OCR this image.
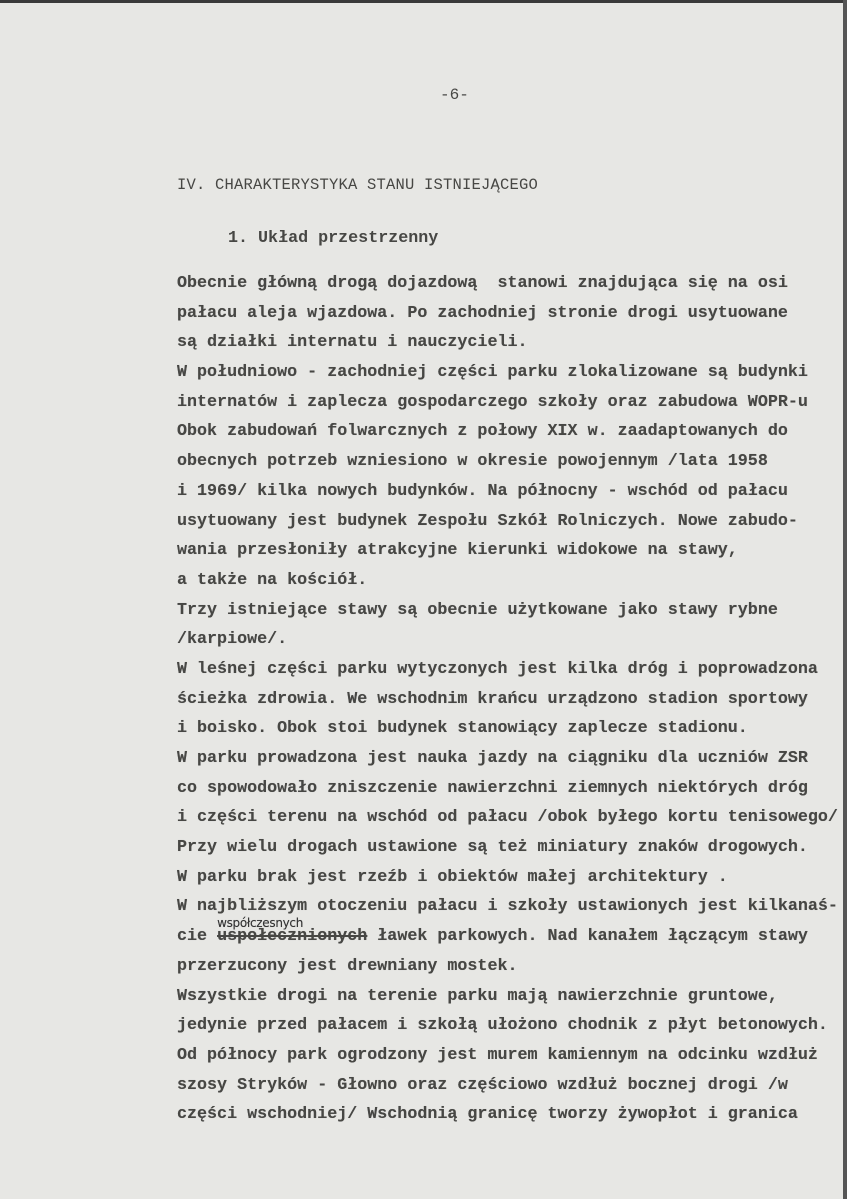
-6-
IV. CHARAKTERYSTYKA STANU ISTNIEJĄCEGO
1. Układ przestrzenny
Obecnie główną drogą dojazdową  stanowi znajdująca się na osi
pałacu aleja wjazdowa. Po zachodniej stronie drogi usytuowane
są działki internatu i nauczycieli.
W południowo - zachodniej części parku zlokalizowane są budynki
internatów i zaplecza gospodarczego szkoły oraz zabudowa WOPR-u
Obok zabudowań folwarcznych z połowy XIX w. zaadaptowanych do
obecnych potrzeb wzniesiono w okresie powojennym /lata 1958
i 1969/ kilka nowych budynków. Na północny - wschód od pałacu
usytuowany jest budynek Zespołu Szkół Rolniczych. Nowe zabudo-
wania przesłoniły atrakcyjne kierunki widokowe na stawy,
a także na kościół.
Trzy istniejące stawy są obecnie użytkowane jako stawy rybne
/karpiowe/.
W leśnej części parku wytyczonych jest kilka dróg i poprowadzona
ścieżka zdrowia. We wschodnim krańcu urządzono stadion sportowy
i boisko. Obok stoi budynek stanowiący zaplecze stadionu.
W parku prowadzona jest nauka jazdy na ciągniku dla uczniów ZSR
co spowodowało zniszczenie nawierzchni ziemnych niektórych dróg
i części terenu na wschód od pałacu /obok byłego kortu tenisowego/
Przy wielu drogach ustawione są też miniatury znaków drogowych.
W parku brak jest rzeźb i obiektów małej architektury .
W najbliższym otoczeniu pałacu i szkoły ustawionych jest kilkanaś-
cie
współczesnych
uspołecznionych ławek parkowych. Nad kanałem łączącym stawy
przerzucony jest drewniany mostek.
Wszystkie drogi na terenie parku mają nawierzchnie gruntowe,
jedynie przed pałacem i szkołą ułożono chodnik z płyt betonowych.
Od północy park ogrodzony jest murem kamiennym na odcinku wzdłuż
szosy Stryków - Głowno oraz częściowo wzdłuż bocznej drogi /w
części wschodniej/ Wschodnią granicę tworzy żywopłot i granica
